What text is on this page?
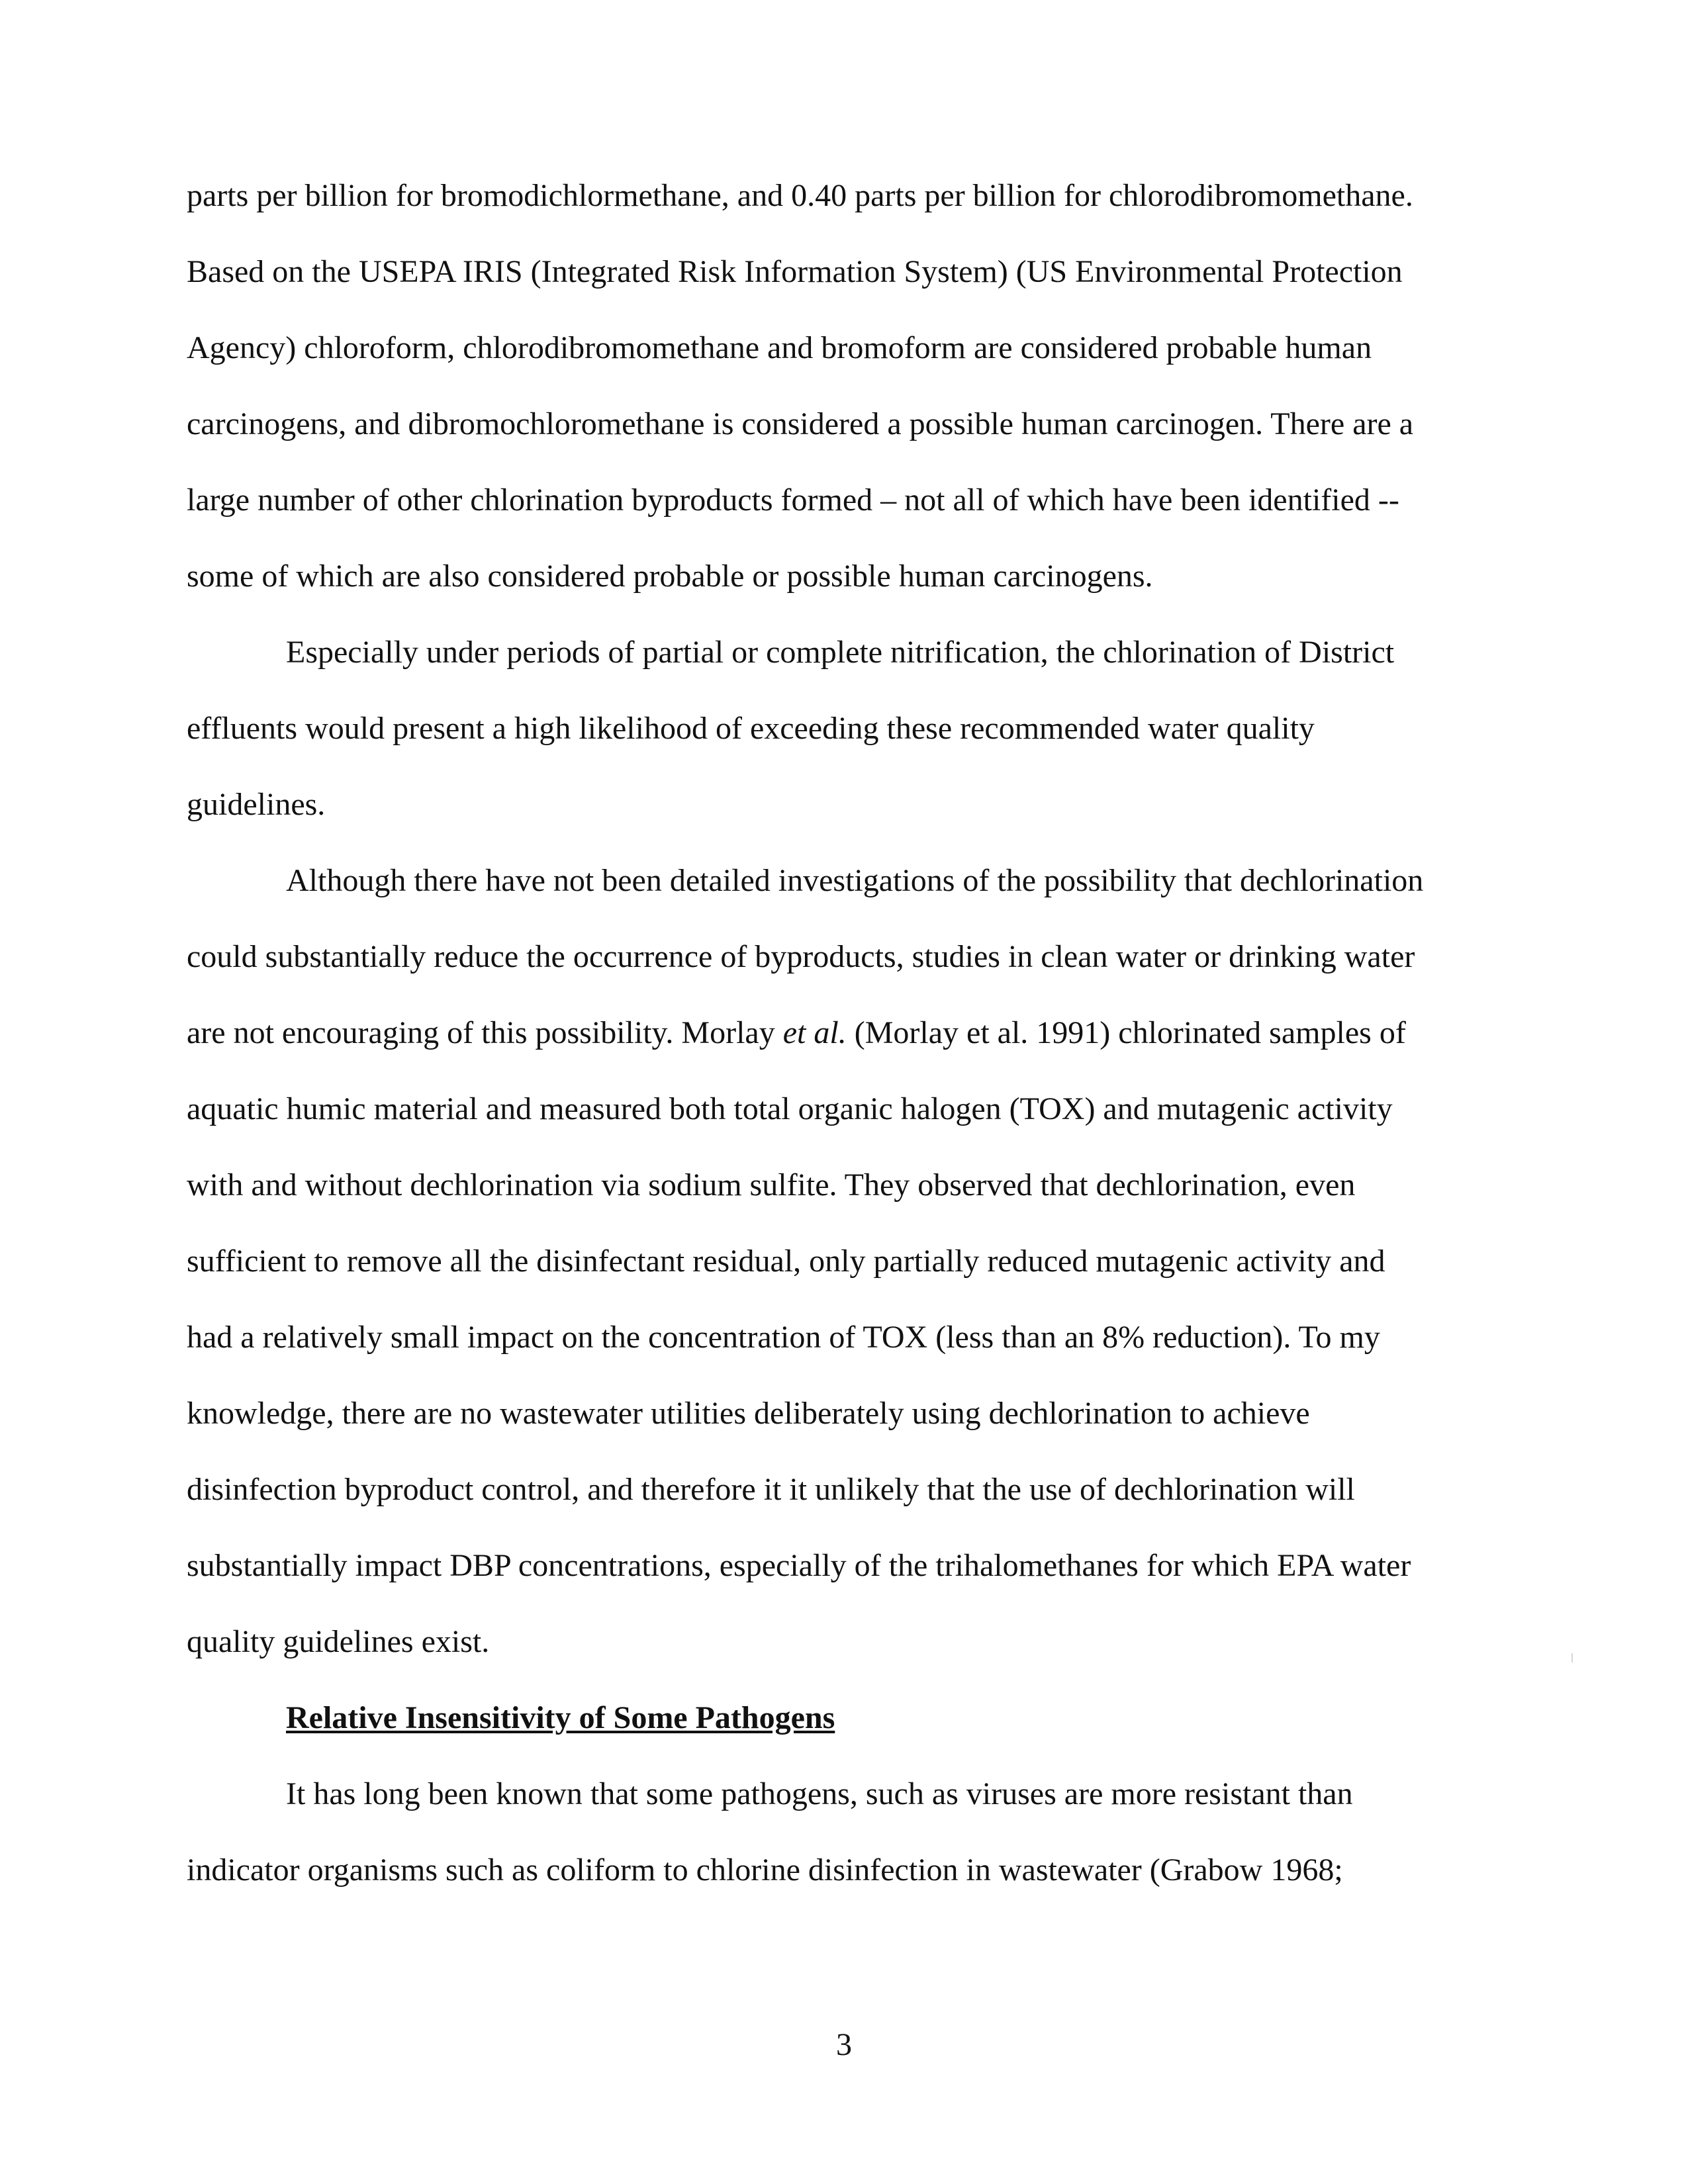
parts per billion for bromodichlormethane, and 0.40 parts per billion for chlorodibromomethane.
Based on the USEPA IRIS (Integrated Risk Information System) (US Environmental Protection
Agency) chloroform, chlorodibromomethane and bromoform are considered probable human
carcinogens, and dibromochloromethane is considered a possible human carcinogen. There are a
large number of other chlorination byproducts formed – not all of which have been identified --
some of which are also considered probable or possible human carcinogens.
Especially under periods of partial or complete nitrification, the chlorination of District
effluents would present a high likelihood of exceeding these recommended water quality
guidelines.
Although there have not been detailed investigations of the possibility that dechlorination
could substantially reduce the occurrence of byproducts, studies in clean water or drinking water
are not encouraging of this possibility. Morlay et al. (Morlay et al. 1991) chlorinated samples of
aquatic humic material and measured both total organic halogen (TOX) and mutagenic activity
with and without dechlorination via sodium sulfite. They observed that dechlorination, even
sufficient to remove all the disinfectant residual, only partially reduced mutagenic activity and
had a relatively small impact on the concentration of TOX (less than an 8% reduction). To my
knowledge, there are no wastewater utilities deliberately using dechlorination to achieve
disinfection byproduct control, and therefore it it unlikely that the use of dechlorination will
substantially impact DBP concentrations, especially of the trihalomethanes for which EPA water
quality guidelines exist.
Relative Insensitivity of Some Pathogens
It has long been known that some pathogens, such as viruses are more resistant than
indicator organisms such as coliform to chlorine disinfection in wastewater (Grabow 1968;
3
